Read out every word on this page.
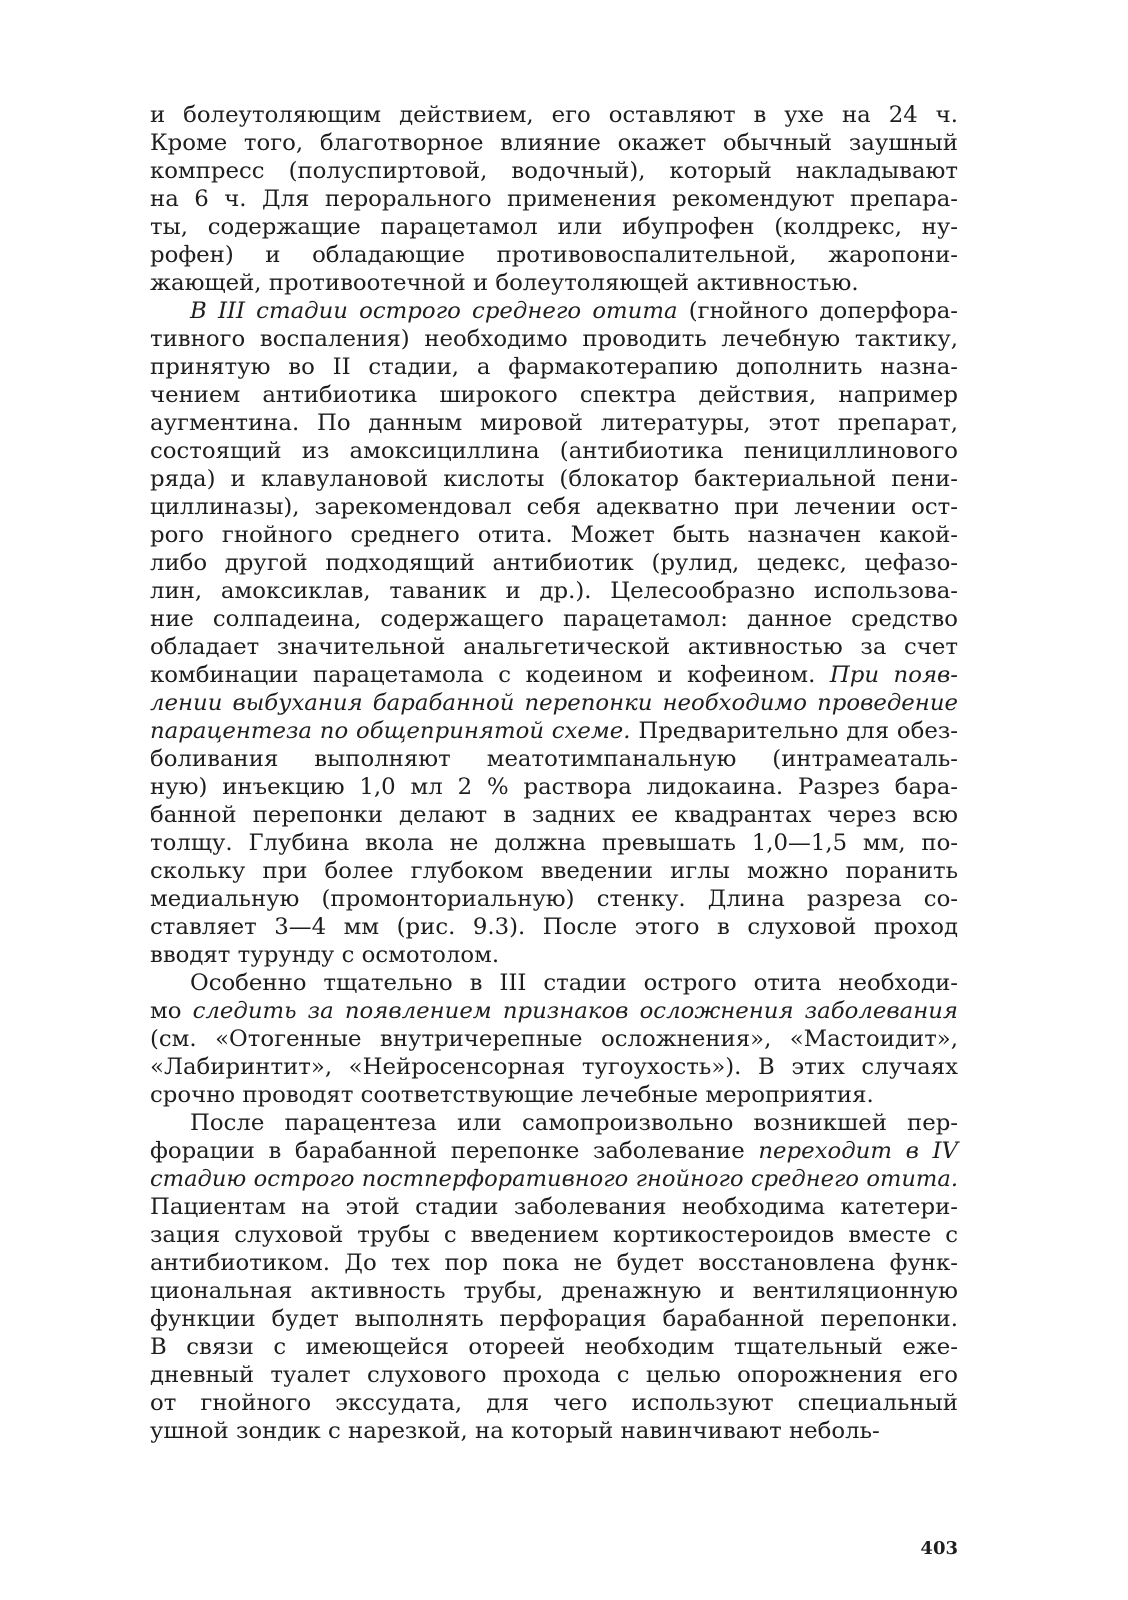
и болеутоляющим действием, его оставляют в ухе на 24 ч.
Кроме того, благотворное влияние окажет обычный заушный
компресс (полуспиртовой, водочный), который накладывают
на 6 ч. Для перорального применения рекомендуют препара-
ты, содержащие парацетамол или ибупрофен (колдрекс, ну-
рофен) и обладающие противовоспалительной, жаропони-
жающей, противоотечной и болеутоляющей активностью.
В III стадии острого среднего отита (гнойного доперфора-
тивного воспаления) необходимо проводить лечебную тактику,
принятую во II стадии, а фармакотерапию дополнить назна-
чением антибиотика широкого спектра действия, например
аугментина. По данным мировой литературы, этот препарат,
состоящий из амоксициллина (антибиотика пенициллинового
ряда) и клавулановой кислоты (блокатор бактериальной пени-
циллиназы), зарекомендовал себя адекватно при лечении ост-
рого гнойного среднего отита. Может быть назначен какой-
либо другой подходящий антибиотик (рулид, цедекс, цефазо-
лин, амоксиклав, таваник и др.). Целесообразно использова-
ние солпадеина, содержащего парацетамол: данное средство
обладает значительной анальгетической активностью за счет
комбинации парацетамола с кодеином и кофеином. При появ-
лении выбухания барабанной перепонки необходимо проведение
парацентеза по общепринятой схеме. Предварительно для обез-
боливания выполняют меатотимпанальную (интрамеаталь-
ную) инъекцию 1,0 мл 2 % раствора лидокаина. Разрез бара-
банной перепонки делают в задних ее квадрантах через всю
толщу. Глубина вкола не должна превышать 1,0—1,5 мм, по-
скольку при более глубоком введении иглы можно поранить
медиальную (промонториальную) стенку. Длина разреза со-
ставляет 3—4 мм (рис. 9.3). После этого в слуховой проход
вводят турунду с осмотолом.
Особенно тщательно в III стадии острого отита необходи-
мо следить за появлением признаков осложнения заболевания
(см. «Отогенные внутричерепные осложнения», «Мастоидит»,
«Лабиринтит», «Нейросенсорная тугоухость»). В этих случаях
срочно проводят соответствующие лечебные мероприятия.
После парацентеза или самопроизвольно возникшей пер-
форации в барабанной перепонке заболевание переходит в IV
стадию острого постперфоративного гнойного среднего отита.
Пациентам на этой стадии заболевания необходима катетери-
зация слуховой трубы с введением кортикостероидов вместе с
антибиотиком. До тех пор пока не будет восстановлена функ-
циональная активность трубы, дренажную и вентиляционную
функции будет выполнять перфорация барабанной перепонки.
В связи с имеющейся отореей необходим тщательный еже-
дневный туалет слухового прохода с целью опорожнения его
от гнойного экссудата, для чего используют специальный
ушной зондик с нарезкой, на который навинчивают неболь-
403
